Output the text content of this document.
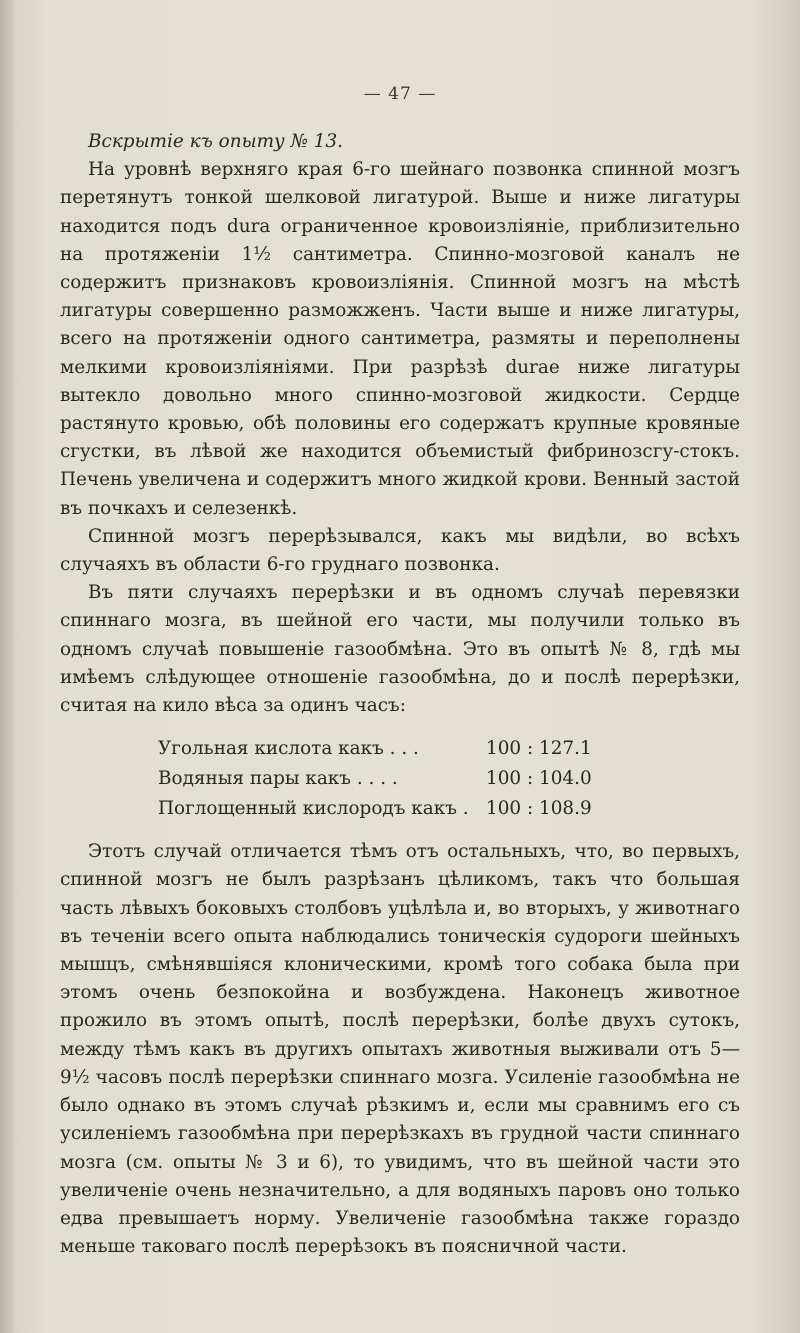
— 47 —

Вскрытіе къ опыту № 13.

На уровнѣ верхняго края 6-го шейнаго позвонка спинной мозгъ перетянутъ тонкой шелковой лигатурой. Выше и ниже лигатуры находится подъ dura ограниченное кровоизліяніе, приблизительно на протяженіи 1½ сантиметра. Спинно-мозговой каналъ не содержитъ признаковъ кровоизліянія. Спинной мозгъ на мѣстѣ лигатуры совершенно разможженъ. Части выше и ниже лигатуры, всего на протяженіи одного сантиметра, размяты и переполнены мелкими кровоизліяніями. При разрѣзѣ durae ниже лигатуры вытекло довольно много спинно-мозговой жидкости. Сердце растянуто кровью, обѣ половины его содержатъ крупные кровяные сгустки, въ лѣвой же находится объемистый фибринозсгу-стокъ. Печень увеличена и содержитъ много жидкой крови. Венный застой въ почкахъ и селезенкѣ.

Спинной мозгъ перерѣзывался, какъ мы видѣли, во всѣхъ случаяхъ въ области 6-го груднаго позвонка.

Въ пяти случаяхъ перерѣзки и въ одномъ случаѣ перевязки спиннаго мозга, въ шейной его части, мы получили только въ одномъ случаѣ повышеніе газообмѣна. Это въ опытѣ № 8, гдѣ мы имѣемъ слѣдующее отношеніе газообмѣна, до и послѣ перерѣзки, считая на кило вѣса за одинъ часъ:

Угольная кислота какъ . . .	100 : 127.1
Водяныя пары какъ . . . .	100 : 104.0
Поглощенный кислородъ какъ . 100 : 108.9

Этотъ случай отличается тѣмъ отъ остальныхъ, что, во первыхъ, спинной мозгъ не былъ разрѣзанъ цѣликомъ, такъ что большая часть лѣвыхъ боковыхъ столбовъ уцѣлѣла и, во вторыхъ, у животнаго въ теченіи всего опыта наблюдались тоническія судороги шейныхъ мышцъ, смѣнявшіяся клоническими, кромѣ того собака была при этомъ очень безпокойна и возбуждена. Наконецъ животное прожило въ этомъ опытѣ, послѣ перерѣзки, болѣе двухъ сутокъ, между тѣмъ какъ въ другихъ опытахъ животныя выживали отъ 5—9½ часовъ послѣ перерѣзки спиннаго мозга. Усиленіе газообмѣна не было однако въ этомъ случаѣ рѣзкимъ и, если мы сравнимъ его съ усиленіемъ газообмѣна при перерѣзкахъ въ грудной части спиннаго мозга (см. опыты № 3 и 6), то увидимъ, что въ шейной части это увеличеніе очень незначительно, а для водяныхъ паровъ оно только едва превышаетъ норму. Увеличеніе газообмѣна также гораздо меньше таковаго послѣ перерѣзокъ въ поясничной части.
